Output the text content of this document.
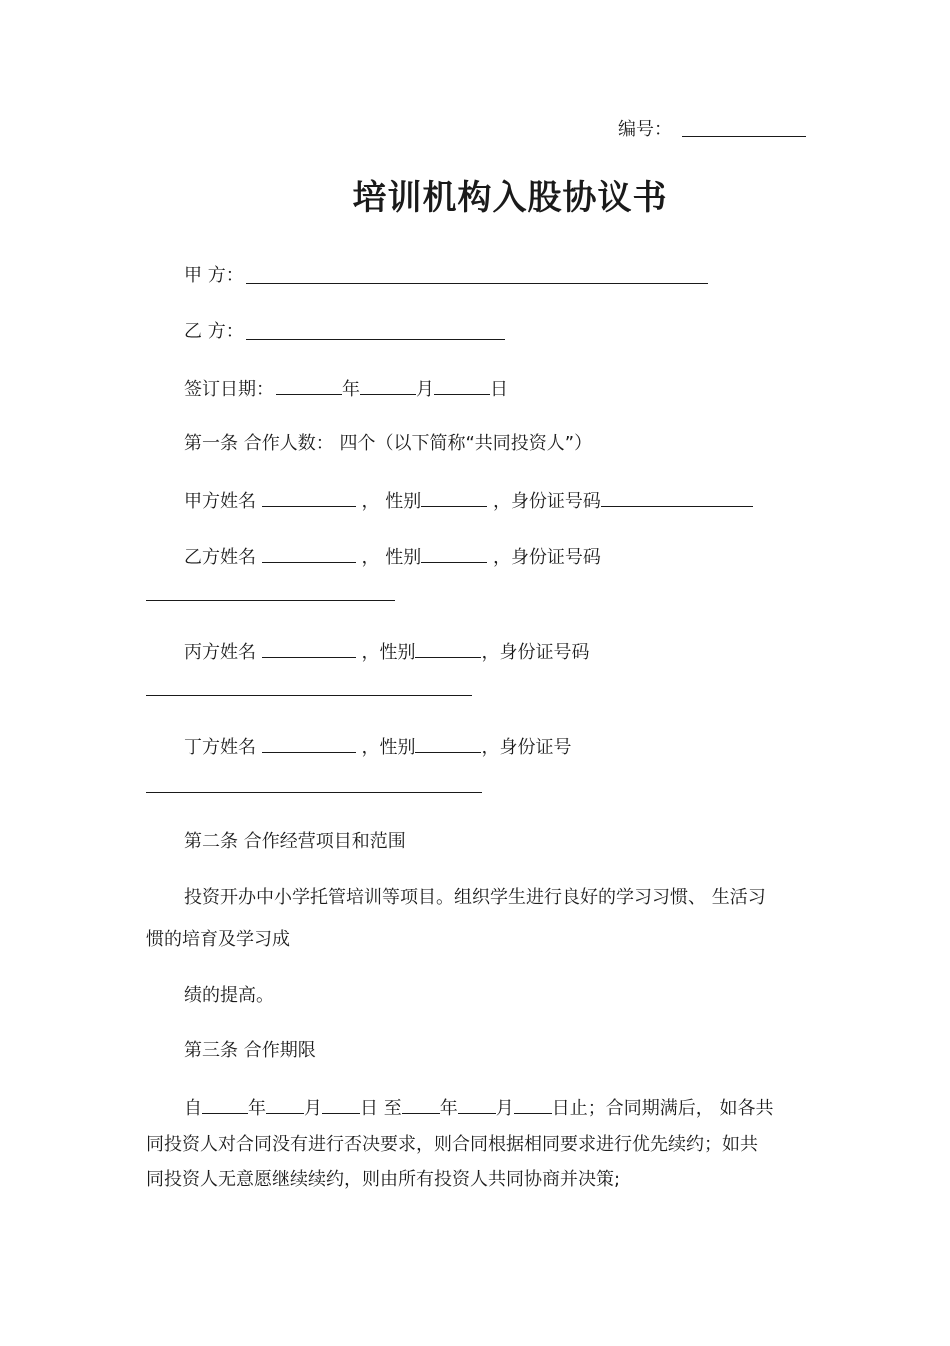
编号：
培训机构入股协议书
甲 方：
乙 方：
签订日期：	年	月	日
第一条 合作人数： 四个（以下简称“共同投资人”）
甲方姓名	， 性别	，身份证号码
乙方姓名	， 性别	，身份证号码
丙方姓名	，性别	，身份证号码
丁方姓名	，性别	，身份证号
第二条 合作经营项目和范围
投资开办中小学托管培训等项目。组织学生进行良好的学习习惯、 生活习
惯的培育及学习成
绩的提高。
第三条 合作期限
自	年 月 日 至 年 月 日止；合同期满后， 如各共
同投资人对合同没有进行否决要求，则合同根据相同要求进行优先续约；如共
同投资人无意愿继续续约，则由所有投资人共同协商并决策;
